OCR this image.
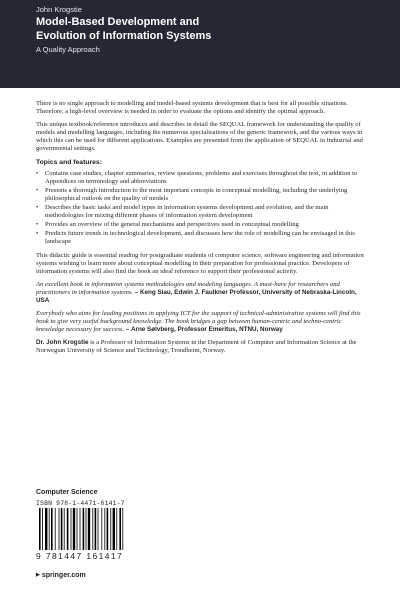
John Krogstie
Model-Based Development and
Evolution of Information Systems
A Quality Approach

There is no single approach to modelling and model-based systems development that is best for all possible situations. Therefore, a high-level overview is needed in order to evaluate the options and identify the optimal approach.

This unique textbook/reference introduces and describes in detail the SEQUAL framework for understanding the quality of models and modelling languages, including the numerous specialisations of the generic framework, and the various ways in which this can be used for different applications. Examples are presented from the application of SEQUAL in industrial and governmental settings.

Topics and features:
• Contains case studies, chapter summaries, review questions, problems and exercises throughout the text, in addition to Appendices on terminology and abbreviations
• Presents a thorough introduction to the most important concepts in conceptual modelling, including the underlying philosophical outlook on the quality of models
• Describes the basic tasks and model types in information systems development and evolution, and the main methodologies for mixing different phases of information system development
• Provides an overview of the general mechanisms and perspectives used in conceptual modelling
• Predicts future trends in technological development, and discusses how the role of modelling can be envisaged in this landscape

This didactic guide is essential reading for postgraduate students of computer science, software engineering and information systems wishing to learn more about conceptual modelling in their preparation for professional practice. Developers of information systems will also find the book an ideal reference to support their professional activity.

An excellent book in information systems methodologies and modeling languages. A must-have for researchers and practitioners in information systems. – Keng Siau, Edwin J. Faulkner Professor, University of Nebraska-Lincoln, USA
Everybody who aims for leading positions in applying ICT for the support of technical-administrative systems will find this book to give very useful background knowledge. The book bridges a gap between human-centric and techno-centric knowledge necessary for success. – Arne Sølvberg, Professor Emeritus, NTNU, Norway

Dr. John Krogstie is a Professor of Information Systems in the Department of Computer and Information Science at the Norwegian University of Science and Technology, Trondheim, Norway.

Computer Science
ISBN 978-1-4471-6141-7
9 781447 161417
▶ springer.com
